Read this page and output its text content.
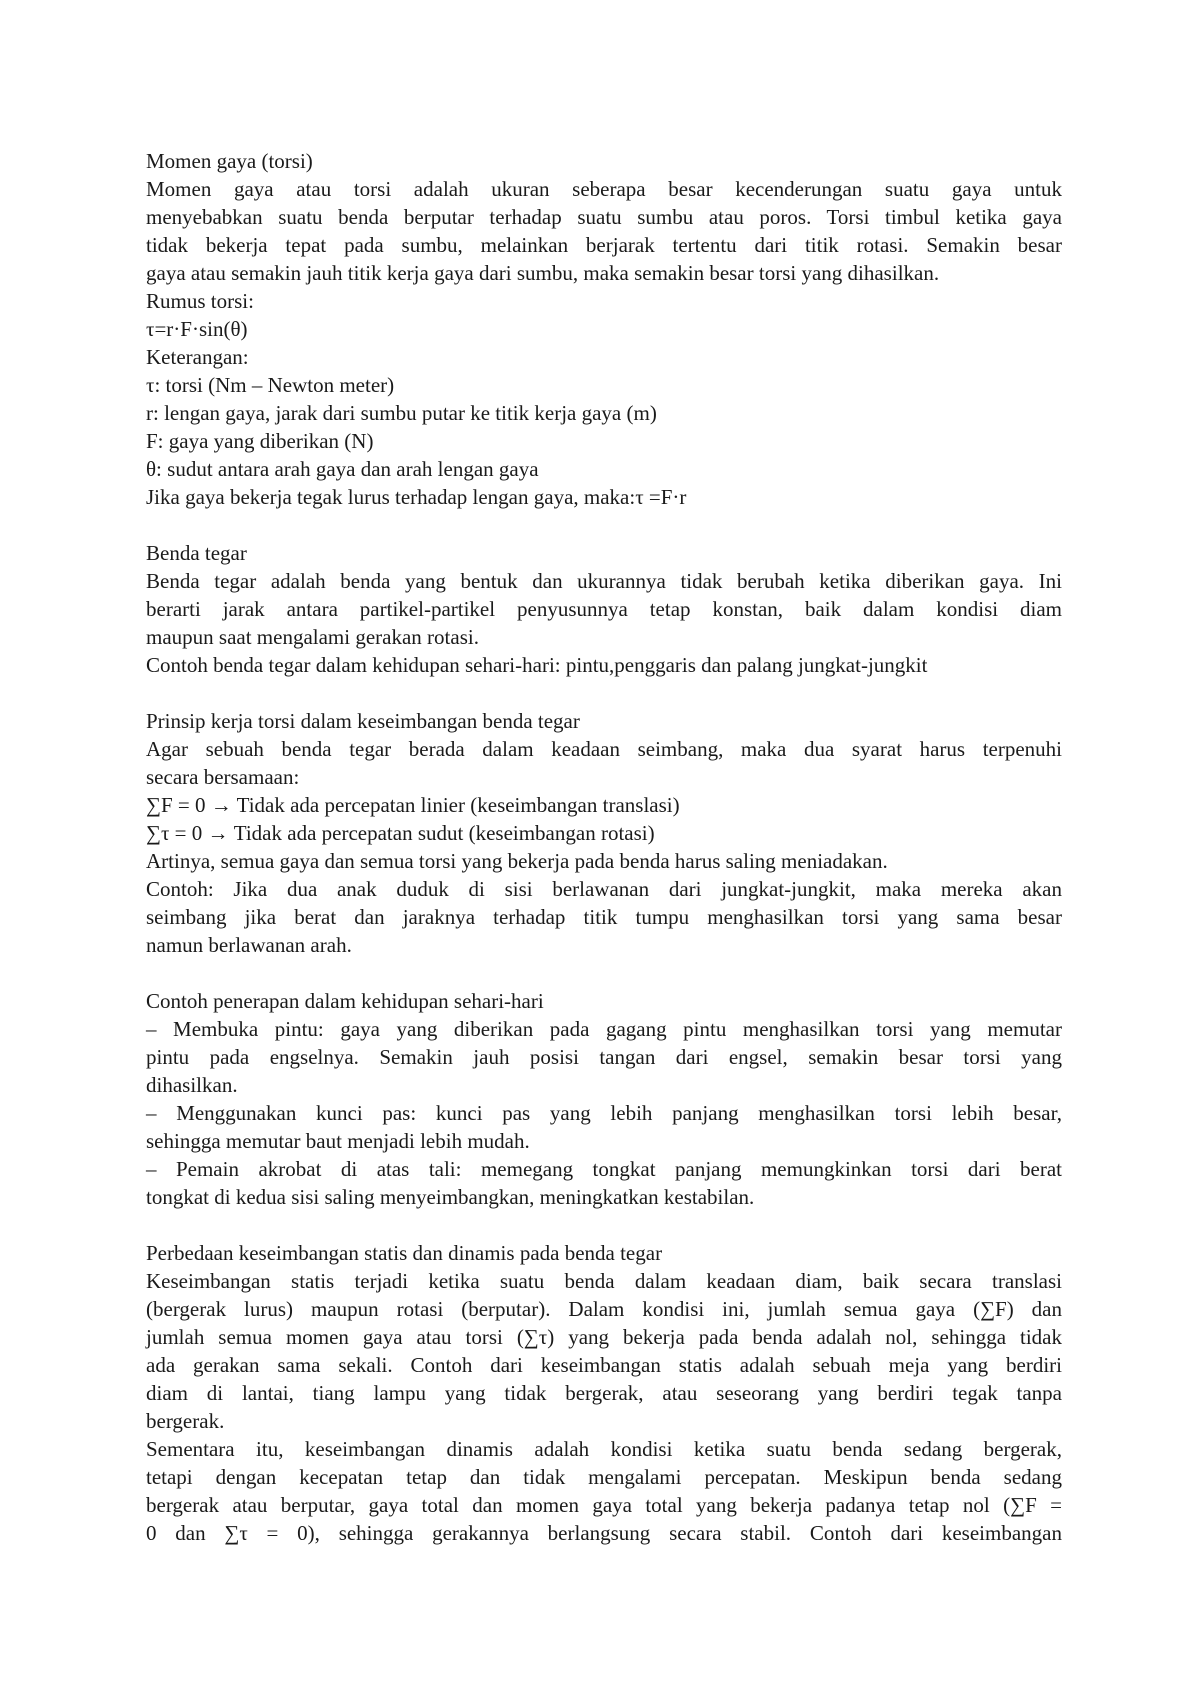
Momen gaya (torsi)
Momen gaya atau torsi adalah ukuran seberapa besar kecenderungan suatu gaya untuk
menyebabkan suatu benda berputar terhadap suatu sumbu atau poros. Torsi timbul ketika gaya
tidak bekerja tepat pada sumbu, melainkan berjarak tertentu dari titik rotasi. Semakin besar
gaya atau semakin jauh titik kerja gaya dari sumbu, maka semakin besar torsi yang dihasilkan.
Rumus torsi:
τ=r·F·sin(θ)
Keterangan:
τ: torsi (Nm – Newton meter)
r: lengan gaya, jarak dari sumbu putar ke titik kerja gaya (m)
F: gaya yang diberikan (N)
θ: sudut antara arah gaya dan arah lengan gaya
Jika gaya bekerja tegak lurus terhadap lengan gaya, maka:τ =F·r
Benda tegar
Benda tegar adalah benda yang bentuk dan ukurannya tidak berubah ketika diberikan gaya. Ini
berarti jarak antara partikel-partikel penyusunnya tetap konstan, baik dalam kondisi diam
maupun saat mengalami gerakan rotasi.
Contoh benda tegar dalam kehidupan sehari-hari: pintu,penggaris dan palang jungkat-jungkit
Prinsip kerja torsi dalam keseimbangan benda tegar
Agar sebuah benda tegar berada dalam keadaan seimbang, maka dua syarat harus terpenuhi
secara bersamaan:
∑F = 0 → Tidak ada percepatan linier (keseimbangan translasi)
∑τ = 0 → Tidak ada percepatan sudut (keseimbangan rotasi)
Artinya, semua gaya dan semua torsi yang bekerja pada benda harus saling meniadakan.
Contoh: Jika dua anak duduk di sisi berlawanan dari jungkat-jungkit, maka mereka akan
seimbang jika berat dan jaraknya terhadap titik tumpu menghasilkan torsi yang sama besar
namun berlawanan arah.
Contoh penerapan dalam kehidupan sehari-hari
– Membuka pintu: gaya yang diberikan pada gagang pintu menghasilkan torsi yang memutar
pintu pada engselnya. Semakin jauh posisi tangan dari engsel, semakin besar torsi yang
dihasilkan.
– Menggunakan kunci pas: kunci pas yang lebih panjang menghasilkan torsi lebih besar,
sehingga memutar baut menjadi lebih mudah.
– Pemain akrobat di atas tali: memegang tongkat panjang memungkinkan torsi dari berat
tongkat di kedua sisi saling menyeimbangkan, meningkatkan kestabilan.
Perbedaan keseimbangan statis dan dinamis pada benda tegar
Keseimbangan statis terjadi ketika suatu benda dalam keadaan diam, baik secara translasi
(bergerak lurus) maupun rotasi (berputar). Dalam kondisi ini, jumlah semua gaya (∑F) dan
jumlah semua momen gaya atau torsi (∑τ) yang bekerja pada benda adalah nol, sehingga tidak
ada gerakan sama sekali. Contoh dari keseimbangan statis adalah sebuah meja yang berdiri
diam di lantai, tiang lampu yang tidak bergerak, atau seseorang yang berdiri tegak tanpa
bergerak.
Sementara itu, keseimbangan dinamis adalah kondisi ketika suatu benda sedang bergerak,
tetapi dengan kecepatan tetap dan tidak mengalami percepatan. Meskipun benda sedang
bergerak atau berputar, gaya total dan momen gaya total yang bekerja padanya tetap nol (∑F =
0 dan ∑τ = 0), sehingga gerakannya berlangsung secara stabil. Contoh dari keseimbangan
